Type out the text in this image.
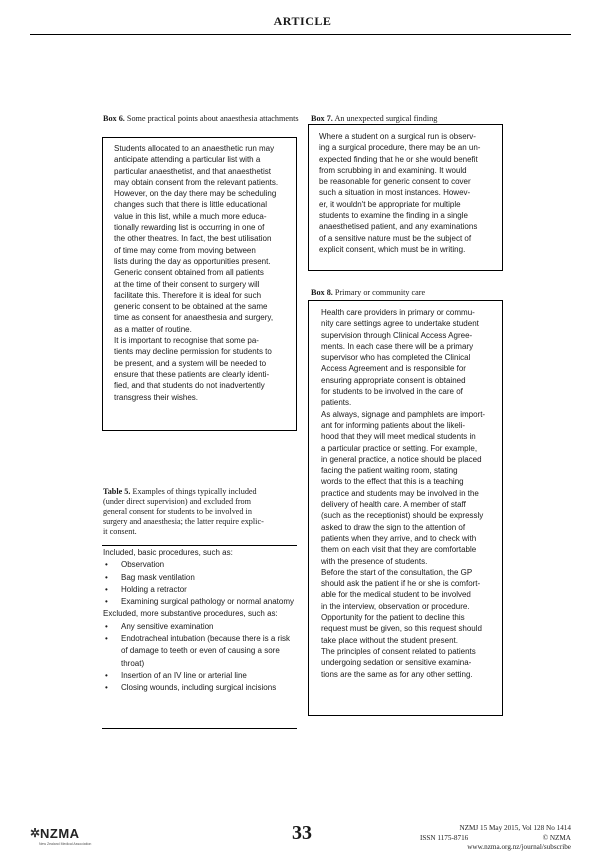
ARTICLE
Box 6. Some practical points about anaesthesia attachments

Students allocated to an anaesthetic run may

anticipate attending a particular list with a

particular anaesthetist, and that anaesthetist

may obtain consent from the relevant patients.

However, on the day there may be scheduling

changes such that there is little educational

value in this list, while a much more educa-

tionally rewarding list is occurring in one of

the other theatres. In fact, the best utilisation

of time may come from moving between

lists during the day as opportunities present.

Generic consent obtained from all patients

at the time of their consent to surgery will

facilitate this. Therefore it is ideal for such

generic consent to be obtained at the same

time as consent for anaesthesia and surgery,

as a matter of routine.

It is important to recognise that some pa-

tients may decline permission for students to

be present, and a system will be needed to

ensure that these patients are clearly identi-

fied, and that students do not inadvertently

transgress their wishes.

Box 7. An unexpected surgical finding

Where a student on a surgical run is observ-

ing a surgical procedure, there may be an un-

expected finding that he or she would benefit

from scrubbing in and examining. It would

be reasonable for generic consent to cover

such a situation in most instances. Howev-

er, it wouldn't be appropriate for multiple

students to examine the finding in a single

anaesthetised patient, and any examinations

of a sensitive nature must be the subject of

explicit consent, which must be in writing.

Box 8. Primary or community care

Health care providers in primary or commu-

nity care settings agree to undertake student

supervision through Clinical Access Agree-

ments. In each case there will be a primary

supervisor who has completed the Clinical

Access Agreement and is responsible for

ensuring appropriate consent is obtained

for students to be involved in the care of

patients.

As always, signage and pamphlets are import-

ant for informing patients about the likeli-

hood that they will meet medical students in

a particular practice or setting. For example,

in general practice, a notice should be placed

facing the patient waiting room, stating

words to the effect that this is a teaching

practice and students may be involved in the

delivery of health care. A member of staff

(such as the receptionist) should be expressly

asked to draw the sign to the attention of

patients when they arrive, and to check with

them on each visit that they are comfortable

with the presence of students.

Before the start of the consultation, the GP

should ask the patient if he or she is comfort-

able for the medical student to be involved

in the interview, observation or procedure.

Opportunity for the patient to decline this

request must be given, so this request should

take place without the student present.

The principles of consent related to patients

undergoing sedation or sensitive examina-

tions are the same as for any other setting.

Table 5. Examples of things typically included
(under direct supervision) and excluded from
general consent for students to be involved in
surgery and anaesthesia; the latter require explic-
it consent.

Included, basic procedures, such as:

• Observation
• Bag mask ventilation
• Holding a retractor
• Examining surgical pathology or normal anatomy

Excluded, more substantive procedures, such as:

• Any sensitive examination
• Endotracheal intubation (because there is a risk of damage to teeth or even of causing a sore throat)
• Insertion of an IV line or arterial line
• Closing wounds, including surgical incisions
✲ NZMA
New Zealand Medical Association	33	NZMJ 15 May 2015, Vol 128 No 1414
ISSN 1175-8716	© NZMA
www.nzma.org.nz/journal/subscribe
